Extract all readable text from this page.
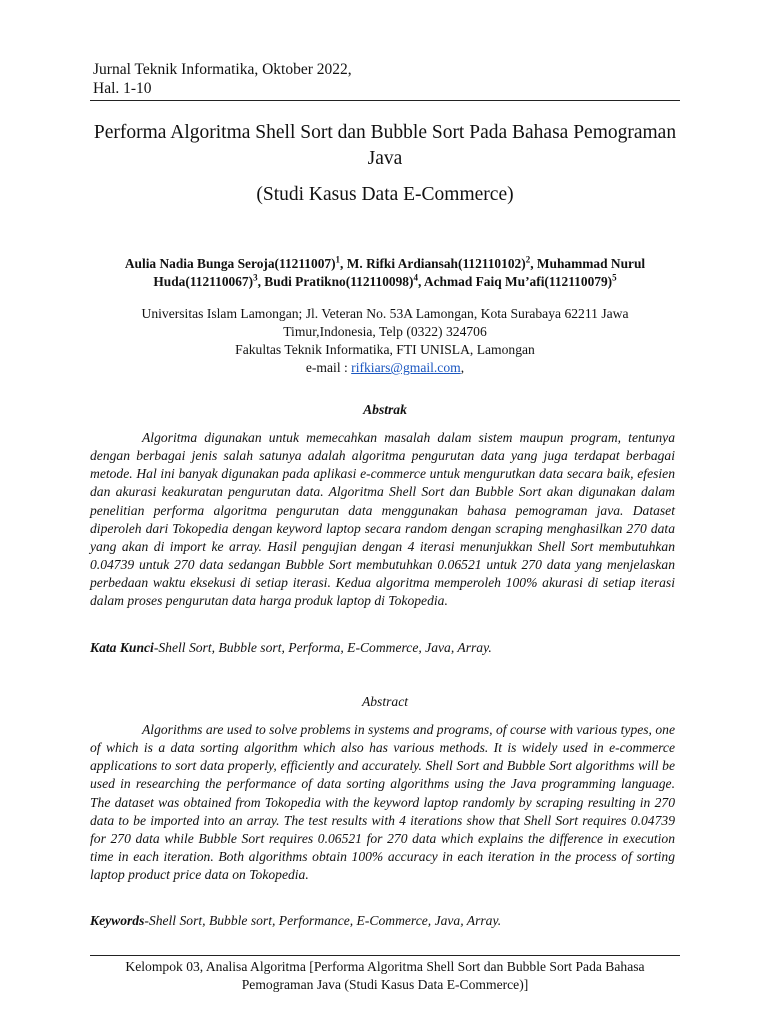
Jurnal Teknik Informatika, Oktober 2022,
Hal. 1-10
Performa Algoritma Shell Sort dan Bubble Sort Pada Bahasa Pemograman Java
(Studi Kasus Data E-Commerce)
Aulia Nadia Bunga $Seroja(11211007)^1$, M. Rifki $Ardiansah(112110102)^2$, Muhammad Nurul $Huda(112110067)^3$, Budi $Pratikno(112110098)^4$, Achmad Faiq $Mu’afi(112110079)^5$
Universitas Islam Lamongan; Jl. Veteran No. 53A Lamongan, Kota Surabaya 62211 Jawa Timur,Indonesia, Telp (0322) 324706
Fakultas Teknik Informatika, FTI UNISLA, Lamongan
e-mail : rifkiars@gmail.com,
Abstrak
Algoritma digunakan untuk memecahkan masalah dalam sistem maupun program, tentunya dengan berbagai jenis salah satunya adalah algoritma pengurutan data yang juga terdapat berbagai metode. Hal ini banyak digunakan pada aplikasi e-commerce untuk mengurutkan data secara baik, efesien dan akurasi keakuratan pengurutan data. Algoritma Shell Sort dan Bubble Sort akan digunakan dalam penelitian performa algoritma pengurutan data menggunakan bahasa pemograman java. Dataset diperoleh dari Tokopedia dengan keyword laptop secara random dengan scraping menghasilkan 270 data yang akan di import ke array. Hasil pengujian dengan 4 iterasi menunjukkan Shell Sort membutuhkan 0.04739 untuk 270 data sedangan Bubble Sort membutuhkan 0.06521 untuk 270 data yang menjelaskan perbedaan waktu eksekusi di setiap iterasi. Kedua algoritma memperoleh 100% akurasi di setiap iterasi dalam proses pengurutan data harga produk laptop di Tokopedia.
Kata Kunci-Shell Sort, Bubble sort, Performa, E-Commerce, Java, Array.
Abstract
Algorithms are used to solve problems in systems and programs, of course with various types, one of which is a data sorting algorithm which also has various methods. It is widely used in e-commerce applications to sort data properly, efficiently and accurately. Shell Sort and Bubble Sort algorithms will be used in researching the performance of data sorting algorithms using the Java programming language. The dataset was obtained from Tokopedia with the keyword laptop randomly by scraping resulting in 270 data to be imported into an array. The test results with 4 iterations show that Shell Sort requires 0.04739 for 270 data while Bubble Sort requires 0.06521 for 270 data which explains the difference in execution time in each iteration. Both algorithms obtain 100% accuracy in each iteration in the process of sorting laptop product price data on Tokopedia.
Keywords-Shell Sort, Bubble sort, Performance, E-Commerce, Java, Array.
Kelompok 03, Analisa Algoritma [Performa Algoritma Shell Sort dan Bubble Sort Pada Bahasa Pemograman Java (Studi Kasus Data E-Commerce)]
